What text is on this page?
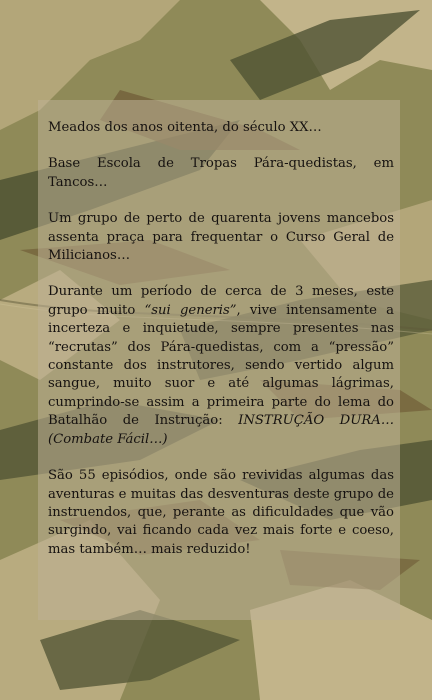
Meados dos anos oitenta, do século XX…

Base Escola de Tropas Pára-quedistas, em Tancos…

Um grupo de perto de quarenta jovens mancebos assenta praça para frequentar o Curso Geral de Milicianos…

Durante um período de cerca de 3 meses, este grupo muito “sui generis”, vive intensamente a incerteza e inquietude, sempre presentes nas “recrutas” dos Pára-quedistas, com a “pressão” constante dos instrutores, sendo vertido algum sangue, muito suor e até algumas lágrimas, cumprindo-se assim a primeira parte do lema do Batalhão de Instrução: INSTRUÇÃO DURA… (Combate Fácil…)

São 55 episódios, onde são revividas algumas das aventuras e muitas das desventuras deste grupo de instruendos, que, perante as dificuldades que vão surgindo, vai ficando cada vez mais forte e coeso, mas também… mais reduzido!
